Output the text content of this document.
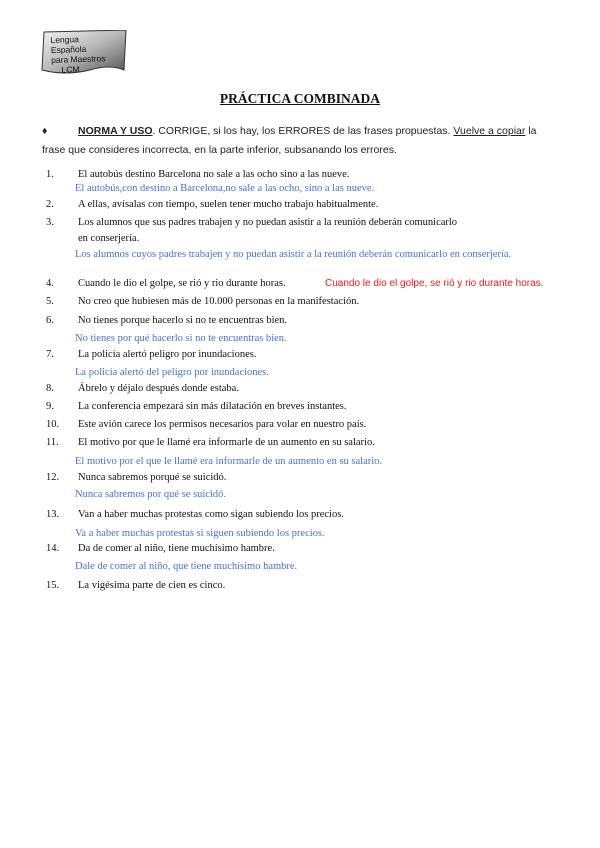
Lengua Española
para Maestros
LCM
PRÁCTICA COMBINADA
♦	NORMA Y USO. CORRIGE, si los hay, los ERRORES de las frases propuestas. Vuelve a copiar la frase que consideres incorrecta, en la parte inferior, subsanando los errores.
1.	El autobús destino Barcelona no sale a las ocho sino a las nueve.
El autobús,con destino a Barcelona,no sale a las ocho, sino a las nueve.
2.	A ellas, avísalas con tiempo, suelen tener mucho trabajo habitualmente.
3.	Los alumnos que sus padres trabajen y no puedan asistir a la reunión deberán comunicarlo
en conserjería.
Los alumnos cuyos padres trabajen y no puedan asistir a la reunión deberán comunicarlo en conserjería.
4.	Cuando le dio el golpe, se rió y rio durante horas.	Cuando le dio el golpe, se rió y rio durante horas.
5.	No creo que hubiesen más de 10.000 personas en la manifestación.
6.	No tienes porque hacerlo si no te encuentras bien.
No tienes por qué hacerlo si no te encuentras bien.
7.	La policía alertó peligro por inundaciones.
La policía alertó del peligro por inundaciones.
8.	Ábrelo y déjalo después donde estaba.
9.	La conferencia empezará sin más dilatación en breves instantes.
10.	Este avión carece los permisos necesarios para volar en nuestro país.
11.	El motivo por que le llamé era informarle de un aumento en su salario.
El motivo por el que le llamé era informarle de un aumento en su salario.
12.	Nunca sabremos porqué se suicidó.
Nunca sabremos por qué se suicidó.
13.	Van a haber muchas protestas como sigan subiendo los precios.
Va a haber muchas protestas si siguen subiendo los precios.
14.	Da de comer al niño, tiene muchísimo hambre.
Dale de comer al niño, que tiene muchísimo hambre.
15.	La vigésima parte de cien es cinco.
